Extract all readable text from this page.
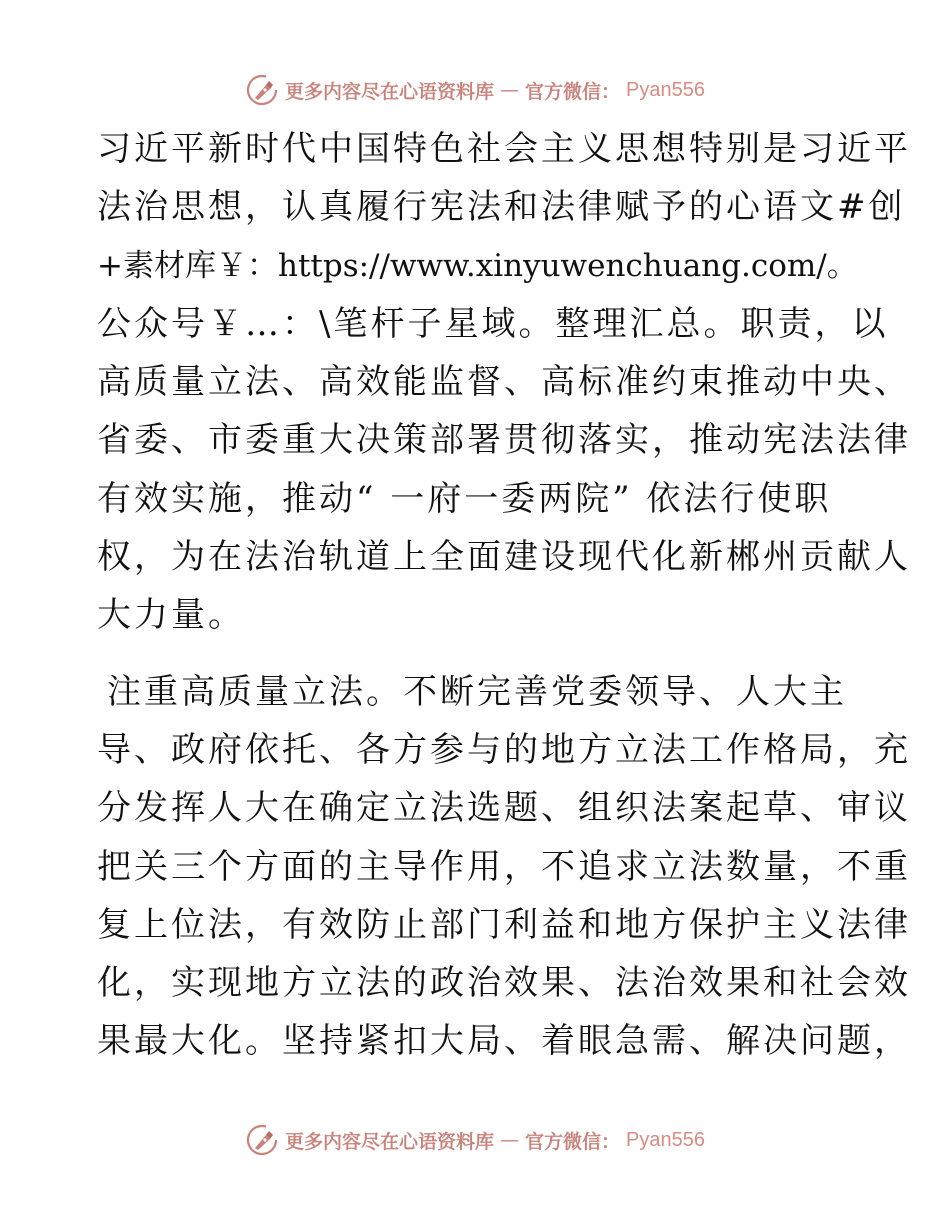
更多内容尽在心语资料库 — 官方微信： Pyan556
习近平新时代中国特色社会主义思想特别是习近平
法治思想，认真履行宪法和法律赋予的心语文#创
+素材库￥：https://www.xinyuwenchuang.com/。
公众号￥…：\笔杆子星域。整理汇总。职责，以
高质量立法、高效能监督、高标准约束推动中央、
省委、市委重大决策部署贯彻落实，推动宪法法律
有效实施，推动“ 一府一委两院” 依法行使职
权，为在法治轨道上全面建设现代化新郴州贡献人
大力量。
注重高质量立法。不断完善党委领导、人大主
导、政府依托、各方参与的地方立法工作格局，充
分发挥人大在确定立法选题、组织法案起草、审议
把关三个方面的主导作用，不追求立法数量，不重
复上位法，有效防止部门利益和地方保护主义法律
化，实现地方立法的政治效果、法治效果和社会效
果最大化。坚持紧扣大局、着眼急需、解决问题，
更多内容尽在心语资料库 — 官方微信： Pyan556
